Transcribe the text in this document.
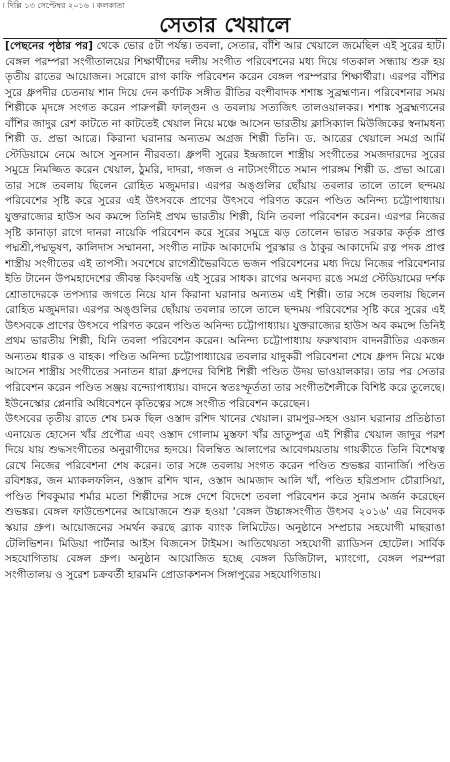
। দিল্লি ১৩ সেপ্টেম্বর ২০১৬ । কলকাতা
সেতার খেয়ালে

[পেছনের পৃষ্ঠার পর] থেকে ভোর ৫টা পর্যন্ত। তবলা, সেতার, বাঁশি আর খেয়ালে জমেছিল এই সুরের হাট। বেঙ্গল পরম্পরা সংগীতালয়ের শিক্ষার্থীদের দলীয় সংগীত পরিবেশনের মধ্য দিয়ে গতকাল সন্ধ্যায় শুরু হয় তৃতীয় রাতের আয়োজন। সরোদে রাগ কাফি পরিবেশন করেন বেঙ্গল পরম্পরার শিক্ষার্থীরা। এরপর বাঁশির সুরে ধ্রুপদীর চেতনায় শান দিয়ে দেন কর্ণাটক সঙ্গীত রীতির বংশীবাদক শশাঙ্ক সুব্রহ্মণ্যন। পরিবেশনার সময় শিল্পীকে মৃদঙ্গে সংগত করেন পারুপল্লী ফাল্গুন ও তবলায় সত্যজিৎ তালওয়ালকর। শশাঙ্ক সুব্রহ্মণ্যনের বাঁশির জাদুর রেশ কাটতে না কাটতেই খেয়াল নিয়ে মঞ্চে আসেন ভারতীয় ক্লাসিক্যাল মিউজিকের স্বনামধন্য শিল্পী ড. প্রভা আত্রে। কিরানা ঘরানার অন্যতম অগ্রজ শিল্পী তিনি। ড. আত্রের খেয়ালে সমগ্র আর্মি স্টেডিয়ামে নেমে আসে সুনসান নীরবতা। ধ্রুপদী সুরের ইন্দ্রজালে শাস্ত্রীয় সংগীতের সমজদারদের সুরের সমুদ্রে নিমজ্জিত করেন খেয়াল, ঠুমরি, দাদরা, গজল ও নাট্যসংগীতে সমান পারঙ্গম শিল্পী ড. প্রভা আত্রে। তার সঙ্গে তবলায় ছিলেন রোহিত মজুমদার। এরপর অঙ্গুলির ছোঁয়ায় তবলার তালে তালে ছন্দময় পরিবেশের সৃষ্টি করে সুরের এই উৎসবকে প্রাণের উৎসবে পরিণত করেন পণ্ডিত অনিন্দ্য চট্টোপাধ্যায়। যুক্তরাজ্যের হাউস অব কমন্সে তিনিই প্রথম ভারতীয় শিল্পী, যিনি তবলা পরিবেশন করেন। এরপর নিজের সৃষ্টি কানাড়া রাগে দানরা নায়েকি পরিবেশন করে সুরের সমুদ্রে ঝড় তোলেন ভারত সরকার কর্তৃক প্রাপ্ত পদ্মশ্রী,পদ্মভূষণ, কালিদাস সম্মাননা, সংগীত নাটক আকাদেমি পুরস্কার ও ঠাকুর আকাদেমি রত্ন পদক প্রাপ্ত শাস্ত্রীয় সংগীতের এই তাপসী। সবশেষে রাগেশ্রীভৈরবিতে ভজন পরিবেশনের মধ্য দিয়ে নিজের পরিবেশনার ইতি টানেন উপমহাদেশের জীবন্ত কিংবদন্তি এই সুরের সাধক। রাগের অনবদ্য রঙে সমগ্র স্টেডিয়ামের দর্শক শ্রোতাদেরকে তপস্যার জগতে নিয়ে যান কিরানা ঘরানার অন্যতম এই শিল্পী। তার সঙ্গে তবলায় ছিলেন রোহিত মজুমদার। এরপর অঙ্গুলির ছোঁয়ায় তবলার তালে তালে ছন্দময় পরিবেশের সৃষ্টি করে সুরের এই উৎসবকে প্রাণের উৎসবে পরিণত করেন পণ্ডিত অনিন্দ্য চট্টোপাধ্যায়। যুক্তরাজ্যের হাউস অব কমন্সে তিনিই প্রথম ভারতীয় শিল্পী, যিনি তবলা পরিবেশন করেন। অনিন্দ্য চট্টোপাধ্যায় ফরুখাবাদ বাদনরীতির একজন অন্যতম ধারক ও বাহক। পণ্ডিত অনিন্দ্য চট্টোপাধ্যায়ের তবলার যাদুকরী পরিবেশনা শেষে ধ্রুপদ নিয়ে মঞ্চে আসেন শাস্ত্রীয় সংগীতের সনাতন ধারা ধ্রুপদের বিশিষ্ট শিল্পী পণ্ডিত উদয় ভাওয়ালকার। তার পর সেতার পরিবেশন করেন পণ্ডিত সঞ্জয় বন্দ্যোপাধ্যায়। বাদনে স্বতঃস্ফূর্ততা তার সংগীতশৈলীকে বিশিষ্ট করে তুলেছে। ইউনেস্কোর প্লেনারি অধিবেশনে কৃতিত্বের সঙ্গে সংগীত পরিবেশন করেছেন।

উৎসবের তৃতীয় রাতে শেষ চমক ছিল ওস্তাদ রশিদ খানের খেয়াল। রামপুর-সহস ওয়ান ঘরানার প্রতিষ্ঠাতা এনায়েত হোসেন খাঁর প্রপৌত্র এবং ওস্তাদ গোলাম মুস্তফা খাঁর ভ্রাতুষ্পুত্র এই শিল্পীর খেয়াল জাদুর পরশ দিয়ে যায় শুদ্ধসংগীতের অনুরাগীদের হৃদয়ে। বিলম্বিত আলাপের আবেগময়তায় গায়কীতে তিনি বিশেষত্ব রেখে নিজের পরিবেশনা শেষ করেন। তার সঙ্গে তবলায় সংগত করেন পণ্ডিত শুভঙ্কর ব্যানার্জি। পণ্ডিত রবিশঙ্কর, জন ম্যাকলফলিন, ওস্তাদ রশিদ খান, ওস্তাদ আমজাদ আলি খাঁ, পণ্ডিত হরিপ্রসাদ চৌরাসিয়া, পণ্ডিত শিবকুমার শর্মার মতো শিল্পীদের সঙ্গে দেশে বিদেশে তবলা পরিবেশন করে সুনাম অর্জন করেছেন শুভঙ্কর। বেঙ্গল ফাউন্ডেশনের আয়োজনে শুরু হওয়া 'বেঙ্গল উচ্চাঙ্গসংগীত উৎসব ২০১৬' এর নিবেদক স্কয়ার গ্রুপ। আয়োজনের সমর্থন করছে ব্র্যাক ব্যাংক লিমিটেড। অনুষ্ঠানে সম্প্রচার সহযোগী মাছরাঙা টেলিভিশন। মিডিয়া পার্টনার আইস বিজনেস টাইমস। আতিথেয়তা সহযোগী র‌্যাডিসন হোটেল। সার্বিক সহযোগিতায় বেঙ্গল গ্রুপ। অনুষ্ঠান আয়োজিত হচ্ছে বেঙ্গল ডিজিটাল, ম্যাংগো, বেঙ্গল পরম্পরা সংগীতালয় ও সুরেশ চক্রবর্তী হারমনি প্রোডাকশনস সিঙ্গাপুরের সহযোগিতায়।
